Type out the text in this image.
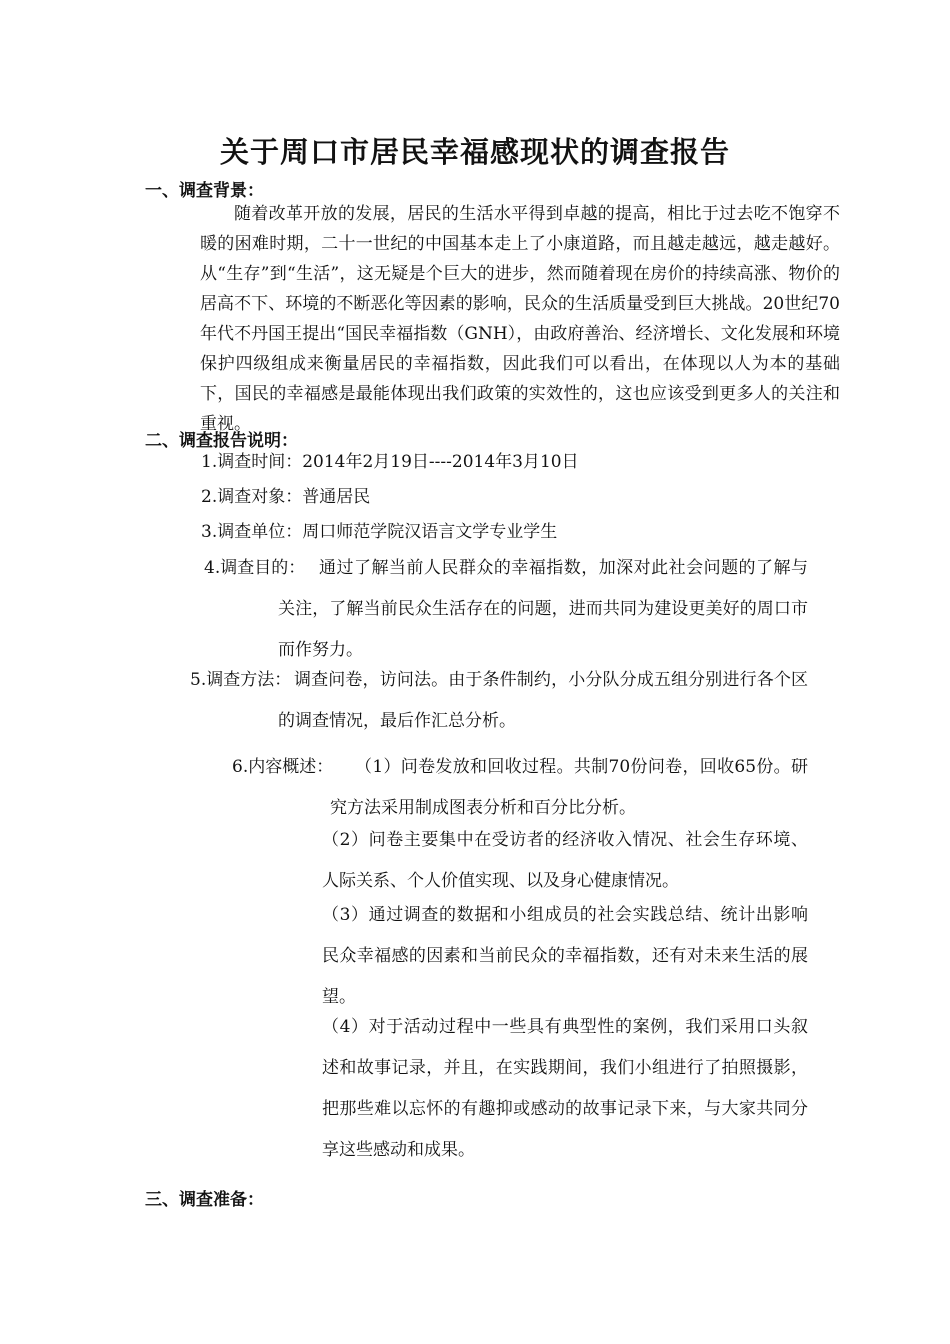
关于周口市居民幸福感现状的调查报告
一、调查背景：
随着改革开放的发展，居民的生活水平得到卓越的提高，相比于过去吃不饱穿不暖的困难时期，二十一世纪的中国基本走上了小康道路，而且越走越远，越走越好。从“生存”到“生活”，这无疑是个巨大的进步，然而随着现在房价的持续高涨、物价的居高不下、环境的不断恶化等因素的影响，民众的生活质量受到巨大挑战。20世纪70年代不丹国王提出“国民幸福指数（GNH），由政府善治、经济增长、文化发展和环境保护四级组成来衡量居民的幸福指数，因此我们可以看出，在体现以人为本的基础下，国民的幸福感是最能体现出我们政策的实效性的，这也应该受到更多人的关注和重视。
二、调查报告说明：
1.调查时间：2014年2月19日----2014年3月10日
2.调查对象：普通居民
3.调查单位：周口师范学院汉语言文学专业学生
4.调查目的： 通过了解当前人民群众的幸福指数，加深对此社会问题的了解与关注，了解当前民众生活存在的问题，进而共同为建设更美好的周口市而作努力。
5.调查方法： 调查问卷，访问法。由于条件制约，小分队分成五组分别进行各个区的调查情况，最后作汇总分析。
6.内容概述：	（1）问卷发放和回收过程。共制70份问卷，回收65份。研究方法采用制成图表分析和百分比分析。
（2）问卷主要集中在受访者的经济收入情况、社会生存环境、人际关系、个人价值实现、以及身心健康情况。
（3）通过调查的数据和小组成员的社会实践总结、统计出影响民众幸福感的因素和当前民众的幸福指数，还有对未来生活的展望。
（4）对于活动过程中一些具有典型性的案例，我们采用口头叙述和故事记录，并且，在实践期间，我们小组进行了拍照摄影，把那些难以忘怀的有趣抑或感动的故事记录下来，与大家共同分享这些感动和成果。
三、调查准备：
